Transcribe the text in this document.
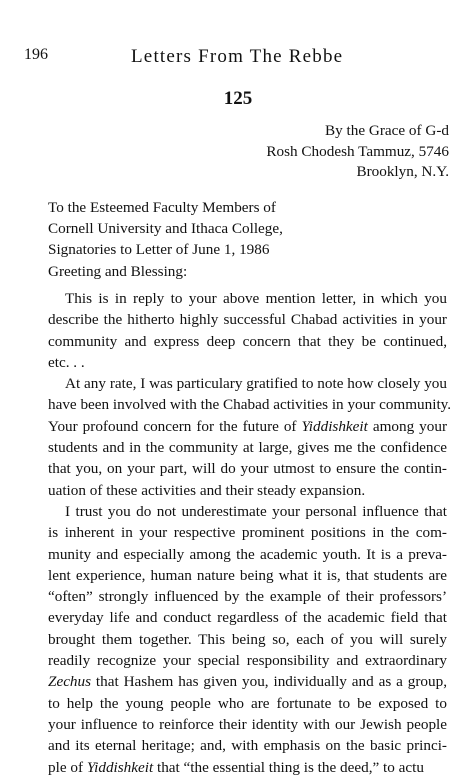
196	Letters From The Rebbe
125
By the Grace of G-d
Rosh Chodesh Tammuz, 5746
Brooklyn, N.Y.
To the Esteemed Faculty Members of
Cornell University and Ithaca College,
Signatories to Letter of June 1, 1986
Greeting and Blessing:
This is in reply to your above mention letter, in which you
describe the hitherto highly successful Chabad activities in your
community and express deep concern that they be continued,
etc. . .
At any rate, I was particulary gratified to note how closely you
have been involved with the Chabad activities in your community.
Your profound concern for the future of Yiddishkeit among your
students and in the community at large, gives me the confidence
that you, on your part, will do your utmost to ensure the contin-
uation of these activities and their steady expansion.
I trust you do not underestimate your personal influence that
is inherent in your respective prominent positions in the com-
munity and especially among the academic youth. It is a preva-
lent experience, human nature being what it is, that students are
“often” strongly influenced by the example of their professors’
everyday life and conduct regardless of the academic field that
brought them together. This being so, each of you will surely
readily recognize your special responsibility and extraordinary
Zechus that Hashem has given you, individually and as a group,
to help the young people who are fortunate to be exposed to
your influence to reinforce their identity with our Jewish people
and its eternal heritage; and, with emphasis on the basic princi-
ple of Yiddishkeit that “the essential thing is the deed,” to actu
